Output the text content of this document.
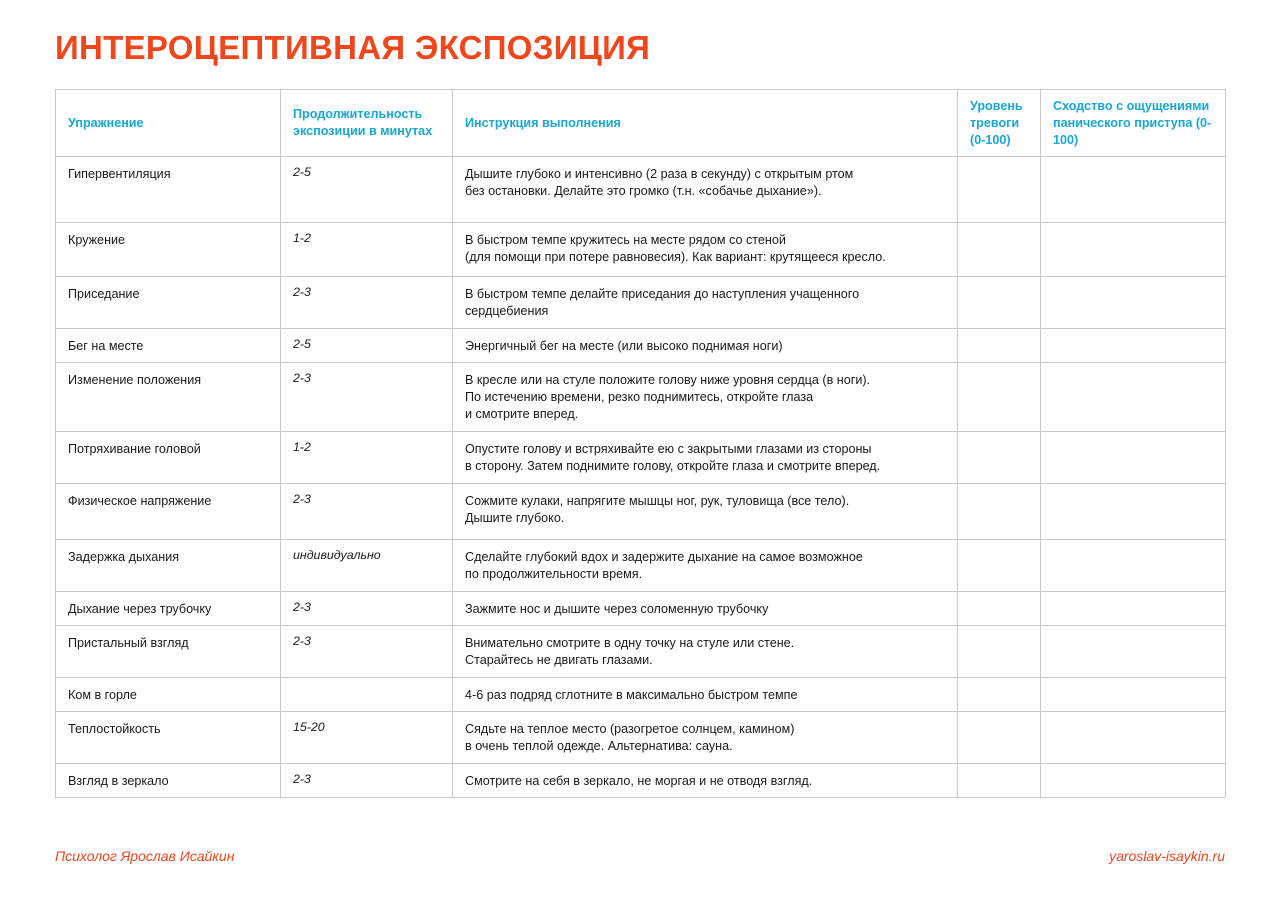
ИНТЕРОЦЕПТИВНАЯ ЭКСПОЗИЦИЯ
Упражнение	Продолжительность экспозиции в минутах	Инструкция выполнения	Уровень тревоги (0-100)	Сходство с ощущениями панического приступа (0-100)
Гипервентиляция	2-5	Дышите глубоко и интенсивно (2 раза в секунду) с открытым ртом
без остановки. Делайте это громко (т.н. «собачье дыхание»).		
Кружение	1-2	В быстром темпе кружитесь на месте рядом со стеной
(для помощи при потере равновесия). Как вариант: крутящееся кресло.		
Приседание	2-3	В быстром темпе делайте приседания до наступления учащенного
сердцебиения		
Бег на месте	2-5	Энергичный бег на месте (или высоко поднимая ноги)		
Изменение положения	2-3	В кресле или на стуле положите голову ниже уровня сердца (в ноги).
По истечению времени, резко поднимитесь, откройте глаза
и смотрите вперед.		
Потряхивание головой	1-2	Опустите голову и встряхивайте ею с закрытыми глазами из стороны
в сторону. Затем поднимите голову, откройте глаза и смотрите вперед.		
Физическое напряжение	2-3	Сожмите кулаки, напрягите мышцы ног, рук, туловища (все тело).
Дышите глубоко.		
Задержка дыхания	индивидуально	Сделайте глубокий вдох и задержите дыхание на самое возможное
по продолжительности время.		
Дыхание через трубочку	2-3	Зажмите нос и дышите через соломенную трубочку		
Пристальный взгляд	2-3	Внимательно смотрите в одну точку на стуле или стене.
Старайтесь не двигать глазами.		
Ком в горле		4-6 раз подряд сглотните в максимально быстром темпе		
Теплостойкость	15-20	Сядьте на теплое место (разогретое солнцем, камином)
в очень теплой одежде. Альтернатива: сауна.		
Взгляд в зеркало	2-3	Смотрите на себя в зеркало, не моргая и не отводя взгляд.		
Психолог Ярослав Исайкин	yaroslav-isaykin.ru
